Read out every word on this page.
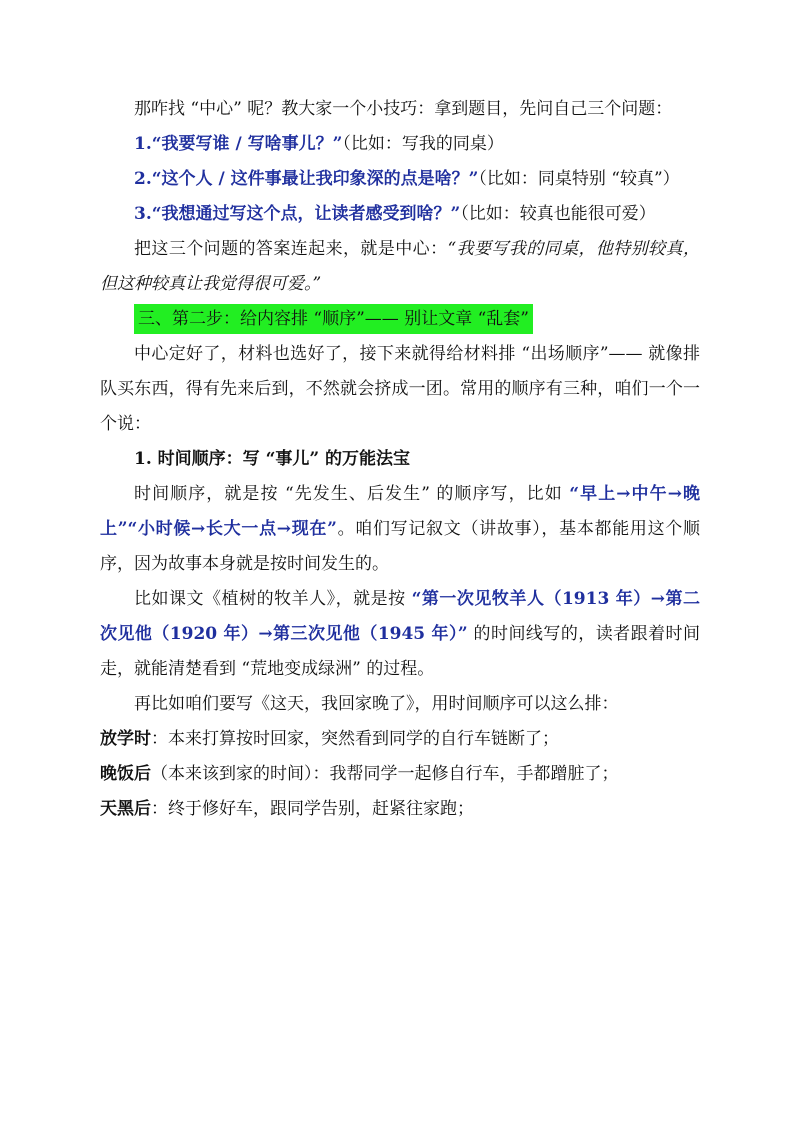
那咋找 “中心” 呢？教大家一个小技巧：拿到题目，先问自己三个问题：

1.“我要写谁 / 写啥事儿？”（比如：写我的同桌）

2.“这个人 / 这件事最让我印象深的点是啥？”（比如：同桌特别 “较真”）

3.“我想通过写这个点，让读者感受到啥？”（比如：较真也能很可爱）

把这三个问题的答案连起来，就是中心：“我要写我的同桌，他特别较真，但这种较真让我觉得很可爱。”

三、第二步：给内容排 “顺序”—— 别让文章 “乱套”

中心定好了，材料也选好了，接下来就得给材料排 “出场顺序”—— 就像排队买东西，得有先来后到，不然就会挤成一团。常用的顺序有三种，咱们一个一个说：

1. 时间顺序：写 “事儿” 的万能法宝

时间顺序，就是按 “先发生、后发生” 的顺序写，比如 “早上→中午→晚上”“小时候→长大一点→现在”。咱们写记叙文（讲故事），基本都能用这个顺序，因为故事本身就是按时间发生的。

比如课文《植树的牧羊人》，就是按 “第一次见牧羊人（1913 年）→第二次见他（1920 年）→第三次见他（1945 年）” 的时间线写的，读者跟着时间走，就能清楚看到 “荒地变成绿洲” 的过程。

再比如咱们要写《这天，我回家晚了》，用时间顺序可以这么排：

放学时：本来打算按时回家，突然看到同学的自行车链断了；

晚饭后（本来该到家的时间）：我帮同学一起修自行车，手都蹭脏了；

天黑后：终于修好车，跟同学告别，赶紧往家跑；
